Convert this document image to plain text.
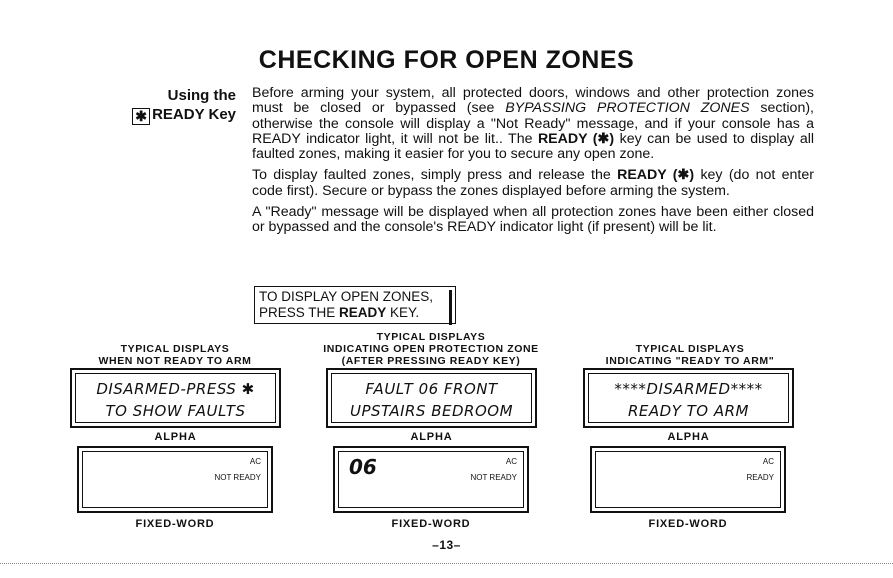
CHECKING FOR OPEN ZONES
Using the
✱ READY Key

Before arming your system, all protected doors, windows and other protection zones must be closed or bypassed (see BYPASSING PROTECTION ZONES section), otherwise the console will display a "Not Ready" message, and if your console has a READY indicator light, it will not be lit.. The READY (✱) key can be used to display all faulted zones, making it easier for you to secure any open zone.

To display faulted zones, simply press and release the READY (✱) key (do not enter code first). Secure or bypass the zones displayed before arming the system.

A "Ready" message will be displayed when all protection zones have been either closed or bypassed and the console's READY indicator light (if present) will be lit.

TO DISPLAY OPEN ZONES,
PRESS THE READY KEY.
TYPICAL DISPLAYS
WHEN NOT READY TO ARM
DISARMED-PRESS ✱
TO SHOW FAULTS
ALPHA
AC
NOT READY
FIXED-WORD
TYPICAL DISPLAYS
INDICATING OPEN PROTECTION ZONE
(AFTER PRESSING READY KEY)
FAULT 06 FRONT
UPSTAIRS BEDROOM
ALPHA
06	AC
NOT READY
FIXED-WORD
TYPICAL DISPLAYS
INDICATING "READY TO ARM"
****DISARMED****
READY TO ARM
ALPHA
AC
READY
FIXED-WORD
–13–
